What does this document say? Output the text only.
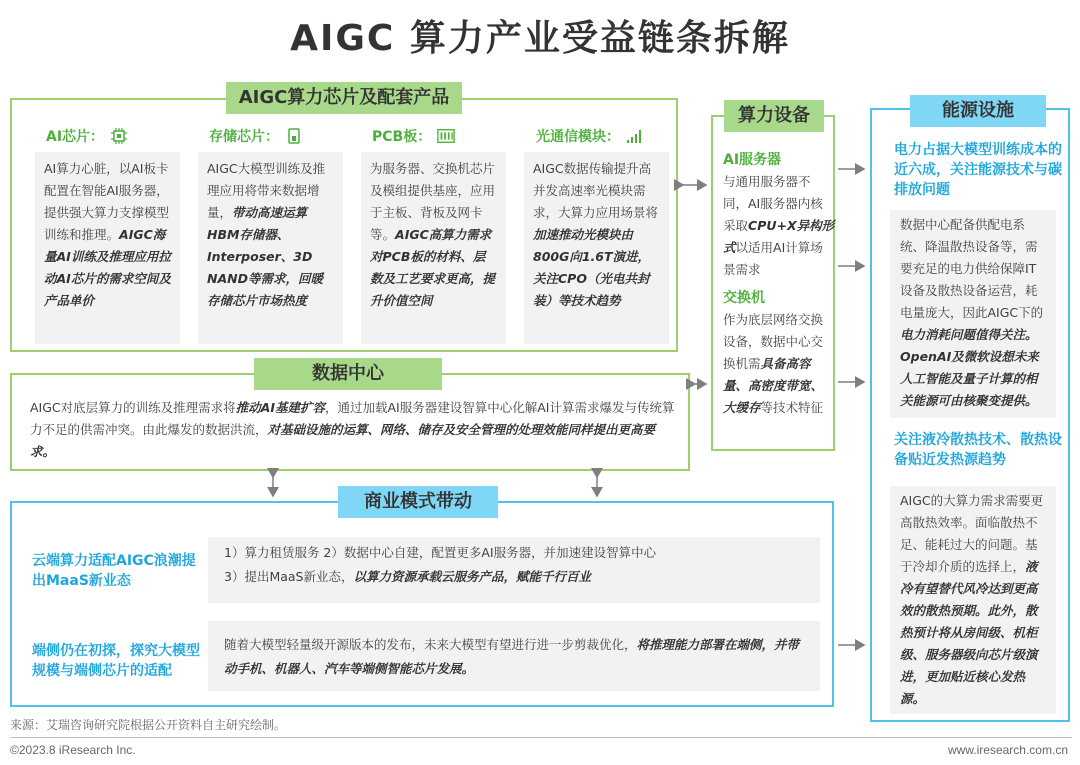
AIGC 算力产业受益链条拆解
AI芯片：
AI算力心脏，以AI板卡配置在智能AI服务器，提供强大算力支撑模型训练和推理。AIGC海量AI训练及推理应用拉动AI芯片的需求空间及产品单价
存储芯片：
AIGC大模型训练及推理应用将带来数据增量，带动高速运算HBM存储器、Interposer、3D NAND等需求，回暖存储芯片市场热度
PCB板：
为服务器、交换机芯片及模组提供基座，应用于主板、背板及网卡等。AIGC高算力需求对PCB板的材料、层数及工艺要求更高，提升价值空间
光通信模块：
AIGC数据传输提升高并发高速率光模块需求，大算力应用场景将加速推动光模块由800G向1.6T演进，关注CPO（光电共封装）等技术趋势
AIGC算力芯片及配套产品
AIGC对底层算力的训练及推理需求将推动AI基建扩容，通过加载AI服务器建设智算中心化解AI计算需求爆发与传统算力不足的供需冲突。由此爆发的数据洪流，对基础设施的运算、网络、储存及安全管理的处理效能同样提出更高要求。
数据中心
AI服务器
与通用服务器不同，AI服务器内核采取CPU+X异构形式以适用AI计算场景需求
交换机
作为底层网络交换设备，数据中心交换机需具备高容量、高密度带宽、大缓存等技术特征
算力设备
电力占据大模型训练成本的近六成，关注能源技术与碳排放问题
数据中心配备供配电系统、降温散热设备等，需要充足的电力供给保障IT设备及散热设备运营，耗电量庞大，因此AIGC下的电力消耗问题值得关注。OpenAI及微软设想未来人工智能及量子计算的相关能源可由核聚变提供。
关注液冷散热技术、散热设备贴近发热源趋势
AIGC的大算力需求需要更高散热效率。面临散热不足、能耗过大的问题。基于冷却介质的选择上，液冷有望替代风冷达到更高效的散热预期。此外，散热预计将从房间级、机柜级、服务器级向芯片级演进，更加贴近核心发热源。
能源设施
云端算力适配AIGC浪潮提出MaaS新业态
1）算力租赁服务 2）数据中心自建，配置更多AI服务器，并加速建设智算中心
3）提出MaaS新业态，以算力资源承载云服务产品，赋能千行百业
端侧仍在初探，探究大模型规模与端侧芯片的适配
随着大模型轻量级开源版本的发布，未来大模型有望进行进一步剪裁优化，将推理能力部署在端侧，并带动手机、机器人、汽车等端侧智能芯片发展。
商业模式带动
来源：艾瑞咨询研究院根据公开资料自主研究绘制。
©2023.8 iResearch Inc.	www.iresearch.com.cn
